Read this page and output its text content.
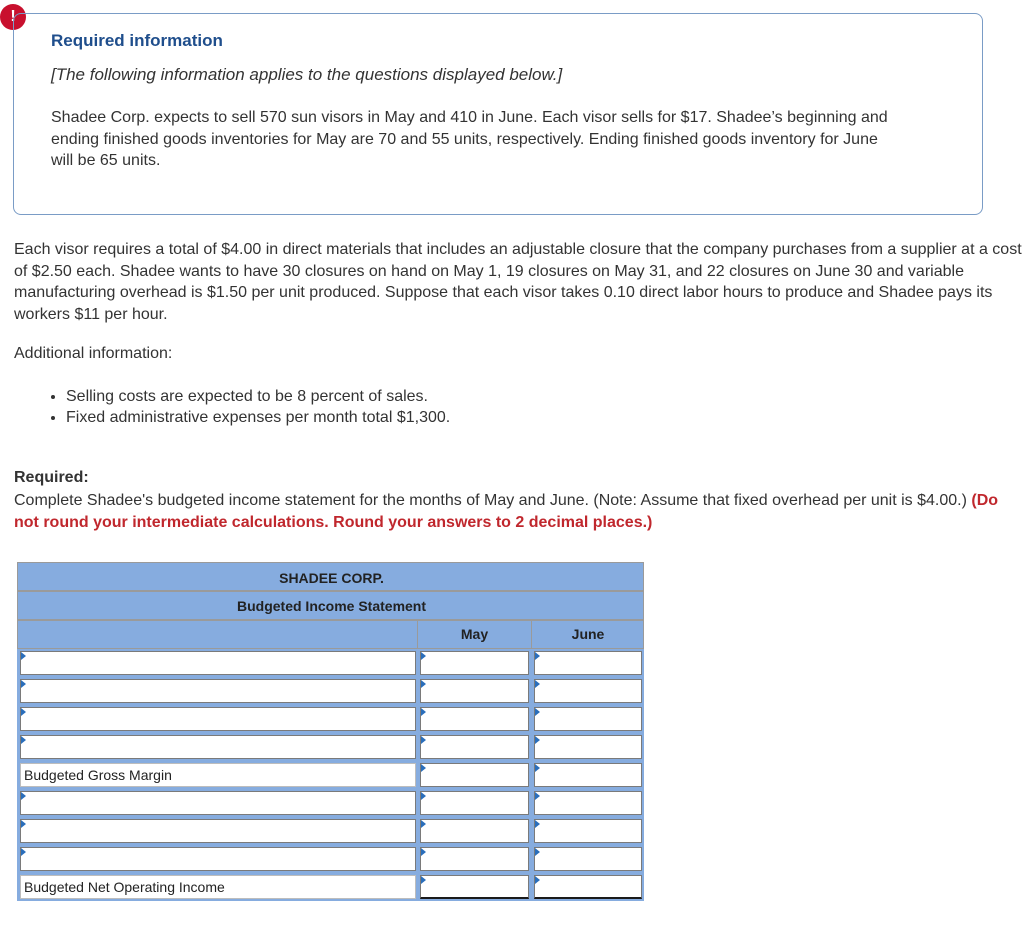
!
Required information
[The following information applies to the questions displayed below.]
Shadee Corp. expects to sell 570 sun visors in May and 410 in June. Each visor sells for $17. Shadee’s beginning and ending finished goods inventories for May are 70 and 55 units, respectively. Ending finished goods inventory for June will be 65 units.
Each visor requires a total of $4.00 in direct materials that includes an adjustable closure that the company purchases from a supplier at a cost of $2.50 each. Shadee wants to have 30 closures on hand on May 1, 19 closures on May 31, and 22 closures on June 30 and variable manufacturing overhead is $1.50 per unit produced. Suppose that each visor takes 0.10 direct labor hours to produce and Shadee pays its workers $11 per hour.
Additional information:
• Selling costs are expected to be 8 percent of sales.
• Fixed administrative expenses per month total $1,300.
Required:
Complete Shadee's budgeted income statement for the months of May and June. (Note: Assume that fixed overhead per unit is $4.00.) (Do not round your intermediate calculations. Round your answers to 2 decimal places.)
SHADEE CORP.
Budgeted Income Statement
May	June
Budgeted Gross Margin
Budgeted Net Operating Income
